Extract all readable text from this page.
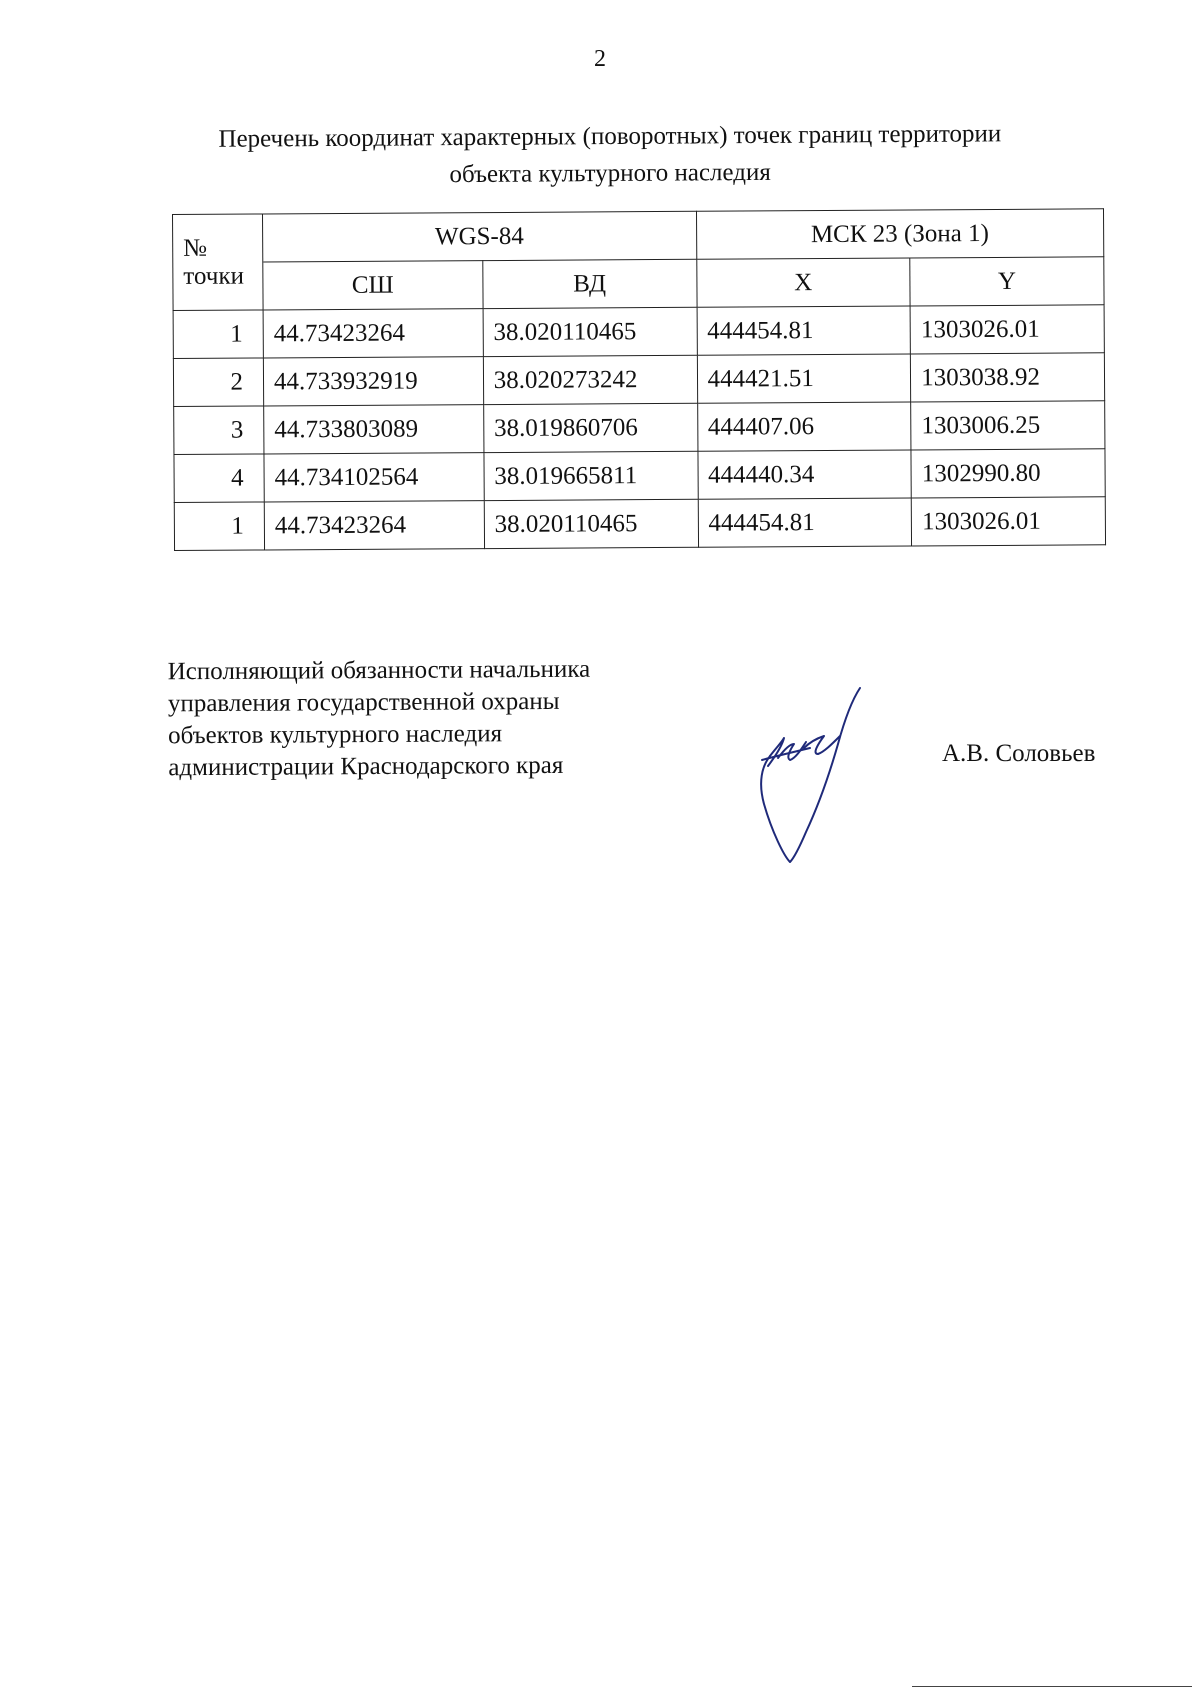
2
Перечень координат характерных (поворотных) точек границ территории
объекта культурного наследия
№	WGS-84		МСК 23 (Зона 1)	
точки	СШ	ВД	X	Y
1	44.73423264	38.020110465	444454.81	1303026.01
2	44.733932919	38.020273242	444421.51	1303038.92
3	44.733803089	38.019860706	444407.06	1303006.25
4	44.734102564	38.019665811	444440.34	1302990.80
1	44.73423264	38.020110465	444454.81	1303026.01
Исполняющий обязанности начальника
управления государственной охраны
объектов культурного наследия
администрации Краснодарского края	А.В. Соловьев
